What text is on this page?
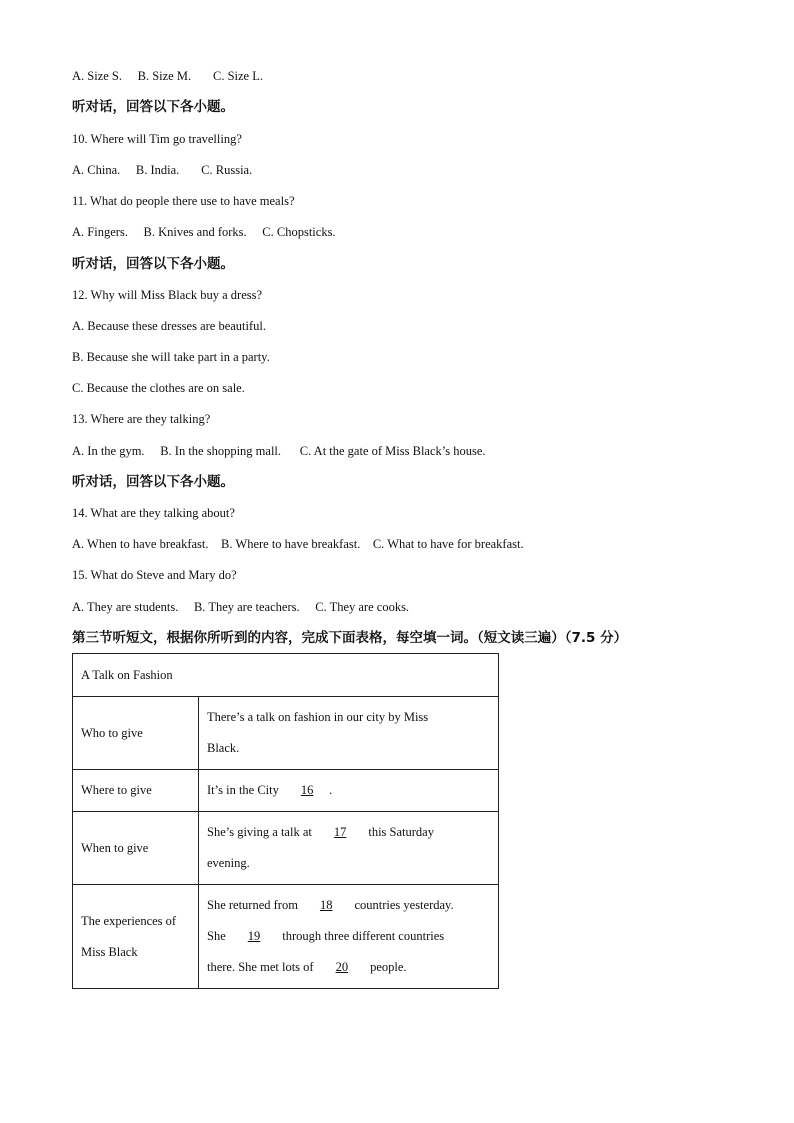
A. Size S. B. Size M. C. Size L.
听对话，回答以下各小题。
10. Where will Tim go travelling?
A. China. B. India. C. Russia.
11. What do people there use to have meals?
A. Fingers. B. Knives and forks. C. Chopsticks.
听对话，回答以下各小题。
12. Why will Miss Black buy a dress?
A. Because these dresses are beautiful.
B. Because she will take part in a party.
C. Because the clothes are on sale.
13. Where are they talking?
A. In the gym. B. In the shopping mall. C. At the gate of Miss Black’s house.
听对话，回答以下各小题。
14. What are they talking about?
A. When to have breakfast. B. Where to have breakfast. C. What to have for breakfast.
15. What do Steve and Mary do?
A. They are students. B. They are teachers. C. They are cooks.
第三节听短文，根据你所听到的内容，完成下面表格，每空填一词。（短文读三遍）（7.5 分）
A Talk on Fashion	
Who to give	There’s a talk on fashion in our city by Miss
Black.

Where to give	It’s in the City 16 .
When to give	She’s giving a talk at 17 this Saturday
evening.

The experiences of
Miss Black	She returned from 18 countries yesterday.
She 19 through three different countries
there. She met lots of 20 people.
